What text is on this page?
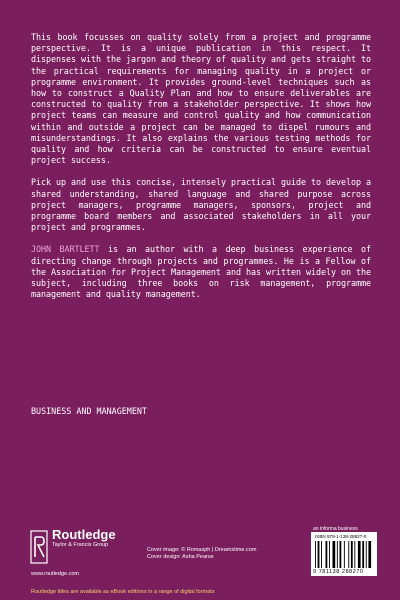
This book focusses on quality solely from a project and programme perspective. It is a unique publication in this respect. It dispenses with the jargon and theory of quality and gets straight to the practical requirements for managing quality in a project or programme environment. It provides ground-level techniques such as how to construct a Quality Plan and how to ensure deliverables are constructed to quality from a stakeholder perspective. It shows how project teams can measure and control quality and how communication within and outside a project can be managed to dispel rumours and misunderstandings. It also explains the various testing methods for quality and how criteria can be constructed to ensure eventual project success.

Pick up and use this concise, intensely practical guide to develop a shared understanding, shared language and shared purpose across project managers, programme managers, sponsors, project and programme board members and associated stakeholders in all your project and programmes.

JOHN BARTLETT is an author with a deep business experience of directing change through projects and programmes. He is a Fellow of the Association for Project Management and has written widely on the subject, including three books on risk management, programme management and quality management.

BUSINESS AND MANAGEMENT
Routledge
Taylor & Francis Group
www.routledge.com
Cover image: © Romasph | Dreamstime.com
Cover design: Asha Pearse
an informa business
ISBN 978-1-138-28827-0
9 781138 288270
Routledge titles are available as eBook editions in a range of digital formats
